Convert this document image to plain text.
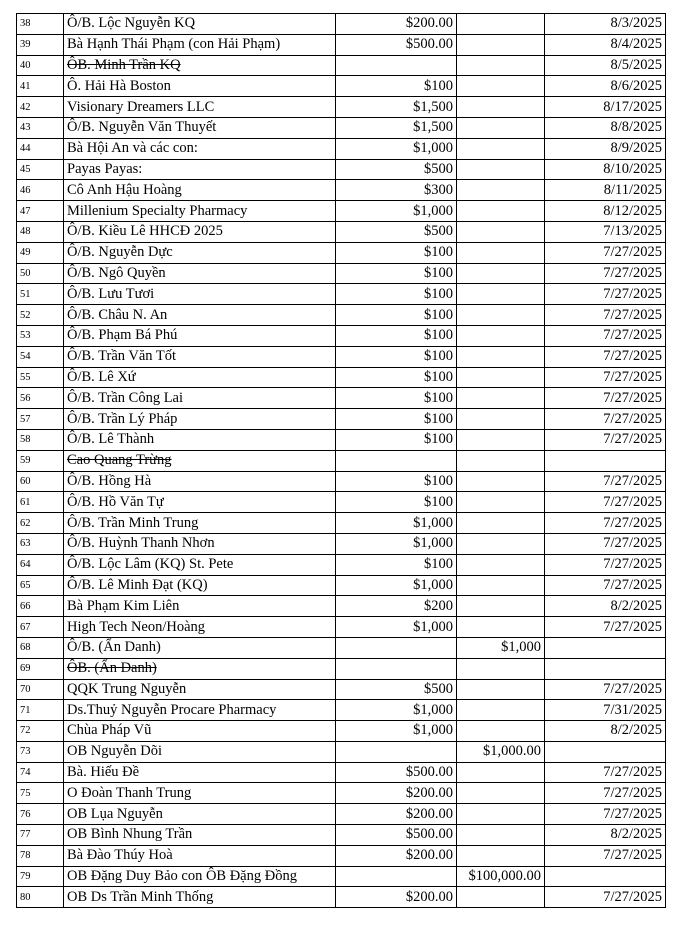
38	Ô/B. Lộc Nguyễn KQ	$200.00		8/3/2025
39	Bà Hạnh Thái Phạm (con Hải Phạm)	$500.00		8/4/2025
40	ÔB. Minh Trần KQ			8/5/2025
41	Ô. Hải Hà Boston	$100		8/6/2025
42	Visionary Dreamers LLC	$1,500		8/17/2025
43	Ô/B. Nguyễn Văn Thuyết	$1,500		8/8/2025
44	Bà Hội An và các con:	$1,000		8/9/2025
45	Payas Payas:	$500		8/10/2025
46	Cô Anh Hậu Hoàng	$300		8/11/2025
47	Millenium Specialty Pharmacy	$1,000		8/12/2025
48	Ô/B. Kiều Lê HHCĐ 2025	$500		7/13/2025
49	Ô/B. Nguyễn Dực	$100		7/27/2025
50	Ô/B. Ngô Quyền	$100		7/27/2025
51	Ô/B. Lưu Tươi	$100		7/27/2025
52	Ô/B. Châu N. An	$100		7/27/2025
53	Ô/B. Phạm Bá Phú	$100		7/27/2025
54	Ô/B. Trần Văn Tốt	$100		7/27/2025
55	Ô/B. Lê Xứ	$100		7/27/2025
56	Ô/B. Trần Công Lai	$100		7/27/2025
57	Ô/B. Trần Lý Pháp	$100		7/27/2025
58	Ô/B. Lê Thành	$100		7/27/2025
59	Cao Quang Trừng			
60	Ô/B. Hồng Hà	$100		7/27/2025
61	Ô/B. Hồ Văn Tự	$100		7/27/2025
62	Ô/B. Trần Minh Trung	$1,000		7/27/2025
63	Ô/B. Huỳnh Thanh Nhơn	$1,000		7/27/2025
64	Ô/B. Lộc Lâm (KQ) St. Pete	$100		7/27/2025
65	Ô/B. Lê Minh Đạt (KQ)	$1,000		7/27/2025
66	Bà Phạm Kim Liên	$200		8/2/2025
67	High Tech Neon/Hoàng	$1,000		7/27/2025
68	Ô/B. (Ẩn Danh)		$1,000	
69	ÔB. (Ẩn Danh)			
70	QQK Trung Nguyễn	$500		7/27/2025
71	Ds.Thuỷ Nguyễn Procare Pharmacy	$1,000		7/31/2025
72	Chùa Pháp Vũ	$1,000		8/2/2025
73	OB Nguyễn Dõi		$1,000.00	
74	Bà. Hiếu Đề	$500.00		7/27/2025
75	O Đoàn Thanh Trung	$200.00		7/27/2025
76	OB Lụa Nguyễn	$200.00		7/27/2025
77	OB Bình Nhung Trần	$500.00		8/2/2025
78	Bà Đào Thúy Hoà	$200.00		7/27/2025
79	OB Đặng Duy Bảo con ÔB Đặng Đồng		$100,000.00	
80	OB Ds Trần Minh Thống	$200.00		7/27/2025
